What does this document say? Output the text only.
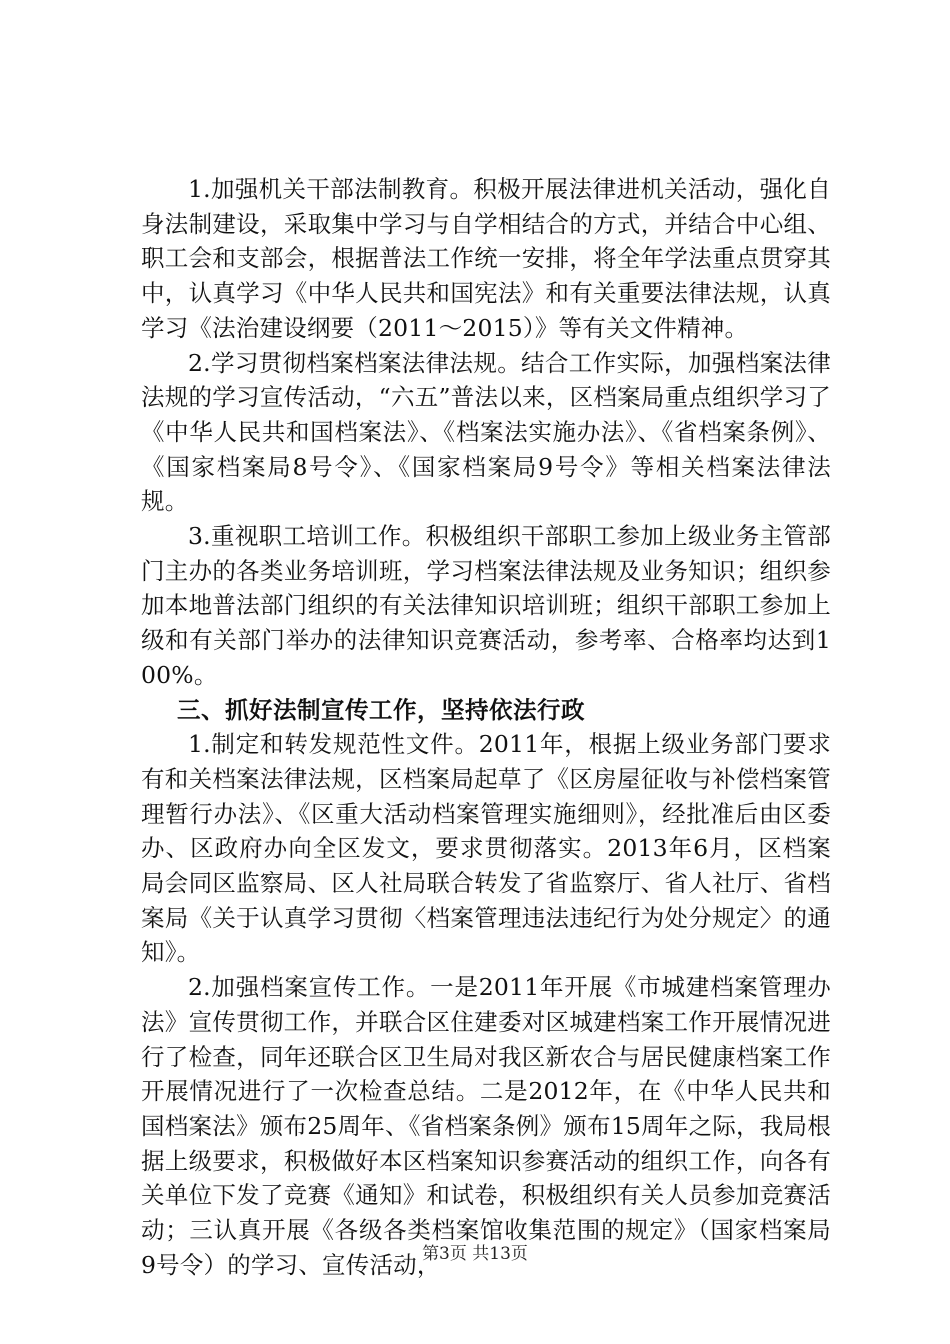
1.加强机关干部法制教育。积极开展法律进机关活动，强化自身法制建设，采取集中学习与自学相结合的方式，并结合中心组、职工会和支部会，根据普法工作统一安排，将全年学法重点贯穿其中，认真学习《中华人民共和国宪法》和有关重要法律法规，认真学习《法治建设纲要（2011～2015）》等有关文件精神。

2.学习贯彻档案档案法律法规。结合工作实际，加强档案法律法规的学习宣传活动，“六五”普法以来，区档案局重点组织学习了《中华人民共和国档案法》、《档案法实施办法》、《省档案条例》、《国家档案局8号令》、《国家档案局9号令》等相关档案法律法规。

3.重视职工培训工作。积极组织干部职工参加上级业务主管部门主办的各类业务培训班，学习档案法律法规及业务知识；组织参加本地普法部门组织的有关法律知识培训班；组织干部职工参加上级和有关部门举办的法律知识竞赛活动，参考率、合格率均达到100%。

三、抓好法制宣传工作，坚持依法行政

1.制定和转发规范性文件。2011年，根据上级业务部门要求有和关档案法律法规，区档案局起草了《区房屋征收与补偿档案管理暂行办法》、《区重大活动档案管理实施细则》，经批准后由区委办、区政府办向全区发文，要求贯彻落实。2013年6月，区档案局会同区监察局、区人社局联合转发了省监察厅、省人社厅、省档案局《关于认真学习贯彻〈档案管理违法违纪行为处分规定〉的通知》。

2.加强档案宣传工作。一是2011年开展《市城建档案管理办法》宣传贯彻工作，并联合区住建委对区城建档案工作开展情况进行了检查，同年还联合区卫生局对我区新农合与居民健康档案工作开展情况进行了一次检查总结。二是2012年，在《中华人民共和国档案法》颁布25周年、《省档案条例》颁布15周年之际，我局根据上级要求，积极做好本区档案知识参赛活动的组织工作，向各有关单位下发了竞赛《通知》和试卷，积极组织有关人员参加竞赛活动；三认真开展《各级各类档案馆收集范围的规定》（国家档案局9号令）的学习、宣传活动，

第3页 共13页
